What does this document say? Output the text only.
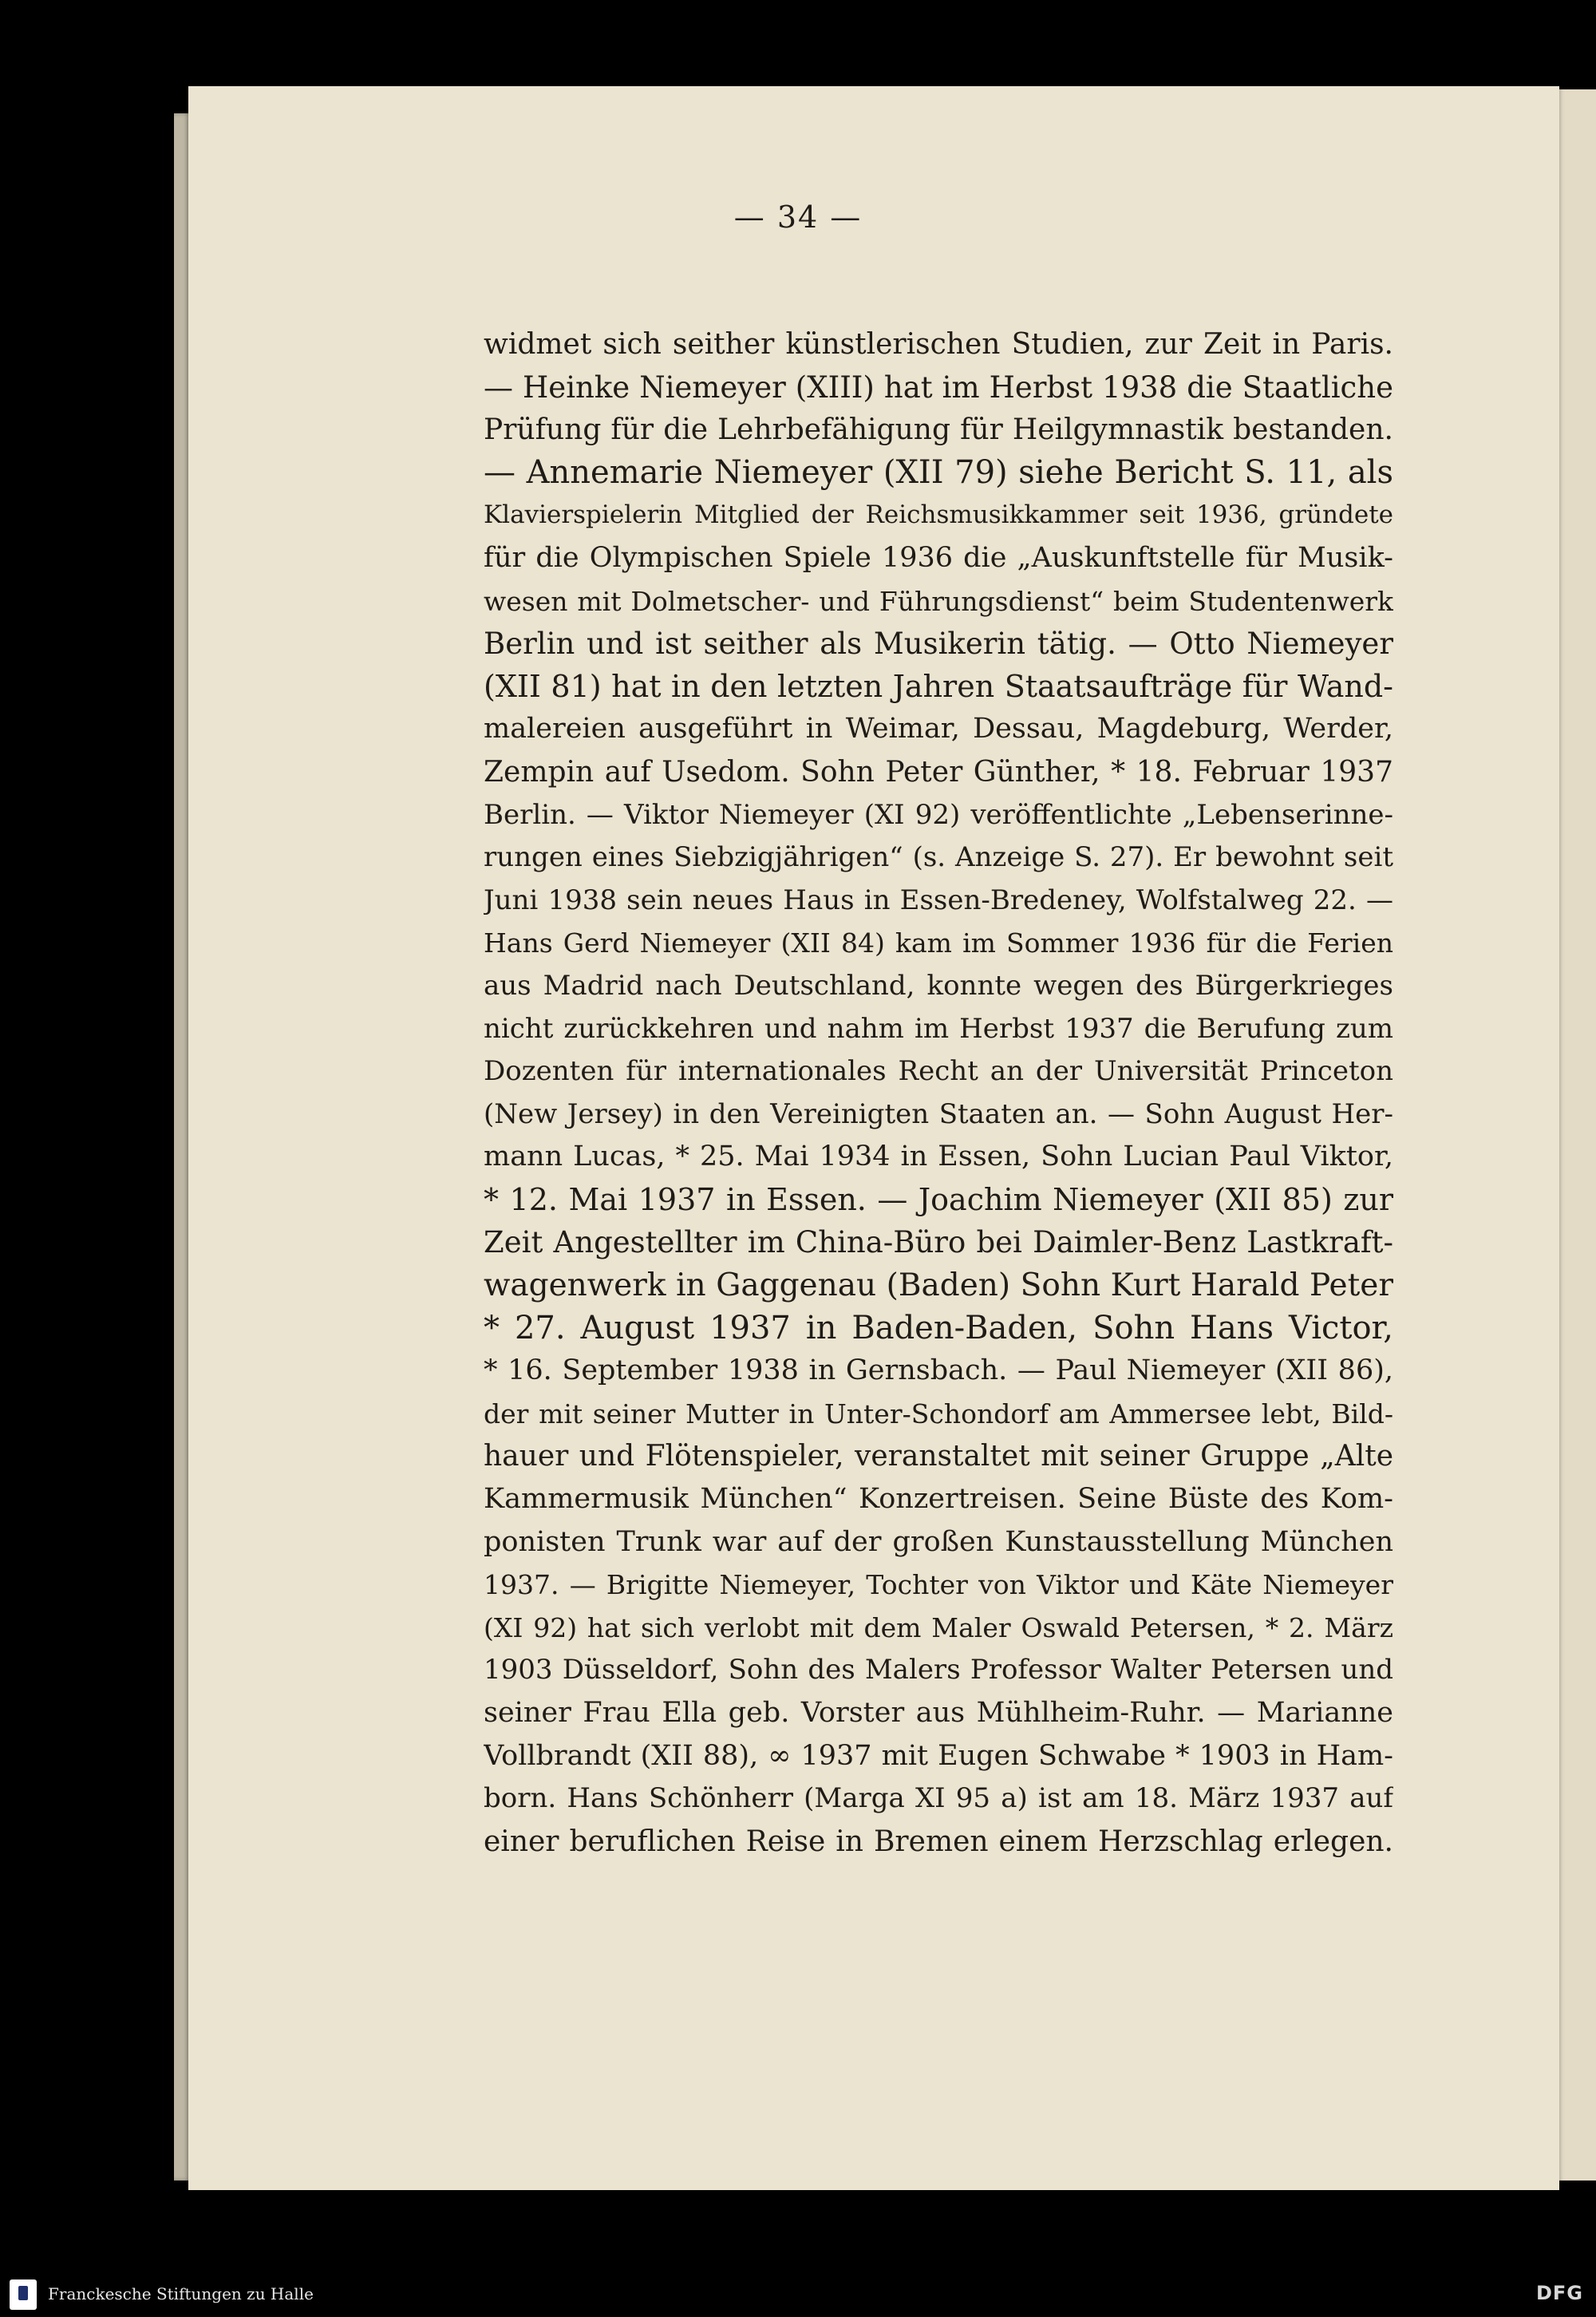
— 34 —
widmet sich seither künstlerischen Studien, zur Zeit in Paris.
— Heinke Niemeyer (XIII) hat im Herbst 1938 die Staatliche
Prüfung für die Lehrbefähigung für Heilgymnastik bestanden.
— Annemarie Niemeyer (XII 79) siehe Bericht S. 11, als
Klavierspielerin Mitglied der Reichsmusikkammer seit 1936, gründete
für die Olympischen Spiele 1936 die „Auskunftstelle für Musik-
wesen mit Dolmetscher- und Führungsdienst“ beim Studentenwerk
Berlin und ist seither als Musikerin tätig. — Otto Niemeyer
(XII 81) hat in den letzten Jahren Staatsaufträge für Wand-
malereien ausgeführt in Weimar, Dessau, Magdeburg, Werder,
Zempin auf Usedom. Sohn Peter Günther, * 18. Februar 1937
Berlin. — Viktor Niemeyer (XI 92) veröffentlichte „Lebenserinne-
rungen eines Siebzigjährigen“ (s. Anzeige S. 27). Er bewohnt seit
Juni 1938 sein neues Haus in Essen-Bredeney, Wolfstalweg 22. —
Hans Gerd Niemeyer (XII 84) kam im Sommer 1936 für die Ferien
aus Madrid nach Deutschland, konnte wegen des Bürgerkrieges
nicht zurückkehren und nahm im Herbst 1937 die Berufung zum
Dozenten für internationales Recht an der Universität Princeton
(New Jersey) in den Vereinigten Staaten an. — Sohn August Her-
mann Lucas, * 25. Mai 1934 in Essen, Sohn Lucian Paul Viktor,
* 12. Mai 1937 in Essen. — Joachim Niemeyer (XII 85) zur
Zeit Angestellter im China-Büro bei Daimler-Benz Lastkraft-
wagenwerk in Gaggenau (Baden) Sohn Kurt Harald Peter
* 27. August 1937 in Baden-Baden, Sohn Hans Victor,
* 16. September 1938 in Gernsbach. — Paul Niemeyer (XII 86),
der mit seiner Mutter in Unter-Schondorf am Ammersee lebt, Bild-
hauer und Flötenspieler, veranstaltet mit seiner Gruppe „Alte
Kammermusik München“ Konzertreisen. Seine Büste des Kom-
ponisten Trunk war auf der großen Kunstausstellung München
1937. — Brigitte Niemeyer, Tochter von Viktor und Käte Niemeyer
(XI 92) hat sich verlobt mit dem Maler Oswald Petersen, * 2. März
1903 Düsseldorf, Sohn des Malers Professor Walter Petersen und
seiner Frau Ella geb. Vorster aus Mühlheim-Ruhr. — Marianne
Vollbrandt (XII 88), ∞ 1937 mit Eugen Schwabe * 1903 in Ham-
born. Hans Schönherr (Marga XI 95 a) ist am 18. März 1937 auf
einer beruflichen Reise in Bremen einem Herzschlag erlegen.
Franckesche Stiftungen zu Halle	DFG
